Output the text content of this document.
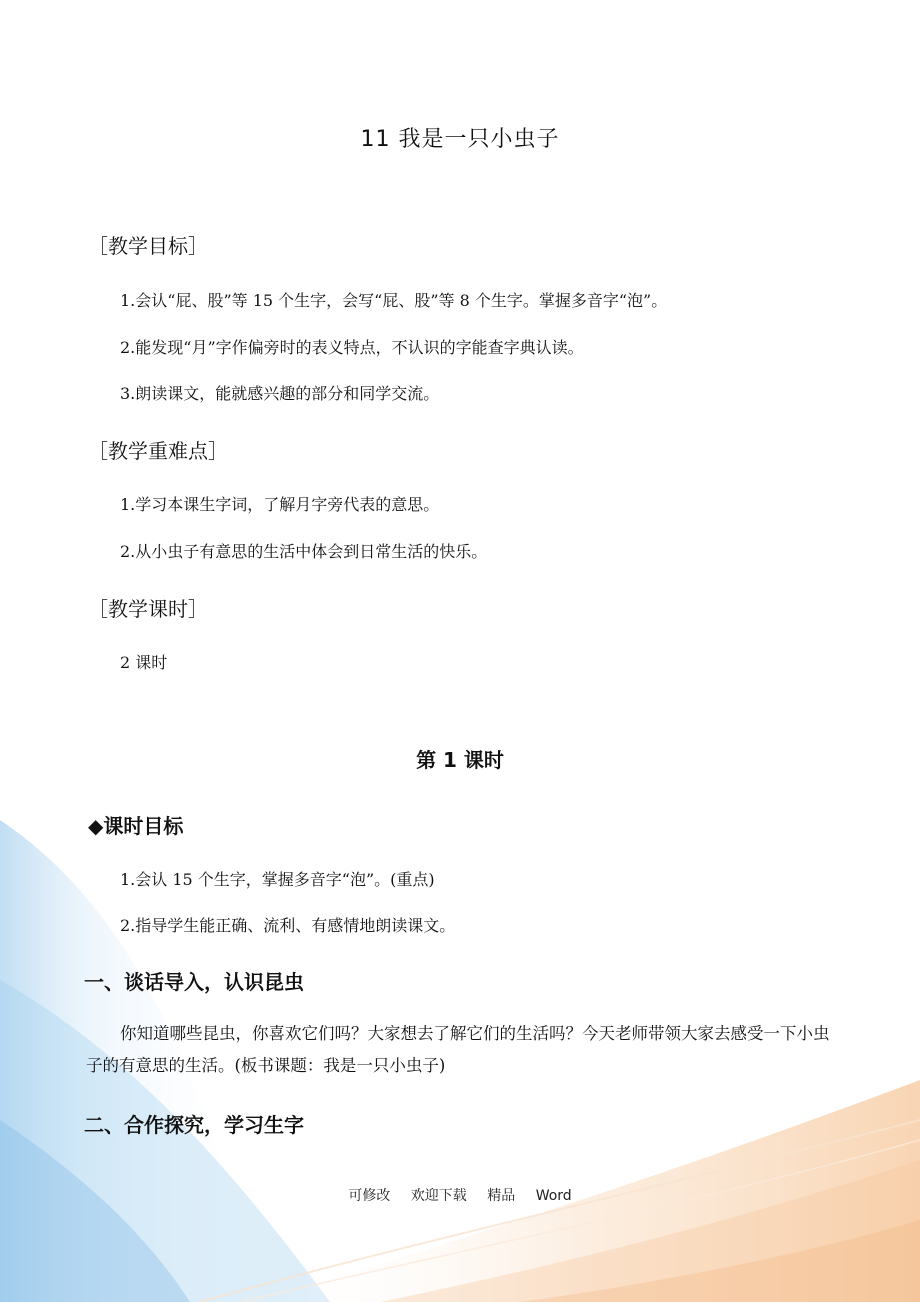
11 我是一只小虫子
［教学目标］

1.会认“屁、股”等 15 个生字，会写“屁、股”等 8 个生字。掌握多音字“泡”。

2.能发现“月”字作偏旁时的表义特点，不认识的字能查字典认读。

3.朗读课文，能就感兴趣的部分和同学交流。

［教学重难点］

1.学习本课生字词，了解月字旁代表的意思。

2.从小虫子有意思的生活中体会到日常生活的快乐。

［教学课时］

2 课时

第 1 课时
◆课时目标

1.会认 15 个生字，掌握多音字“泡”。(重点)

2.指导学生能正确、流利、有感情地朗读课文。

一、谈话导入，认识昆虫

你知道哪些昆虫，你喜欢它们吗？大家想去了解它们的生活吗？今天老师带领大家去感受一下小虫子的有意思的生活。(板书课题：我是一只小虫子)

二、合作探究，学习生字
可修改 欢迎下载 精品 Word
